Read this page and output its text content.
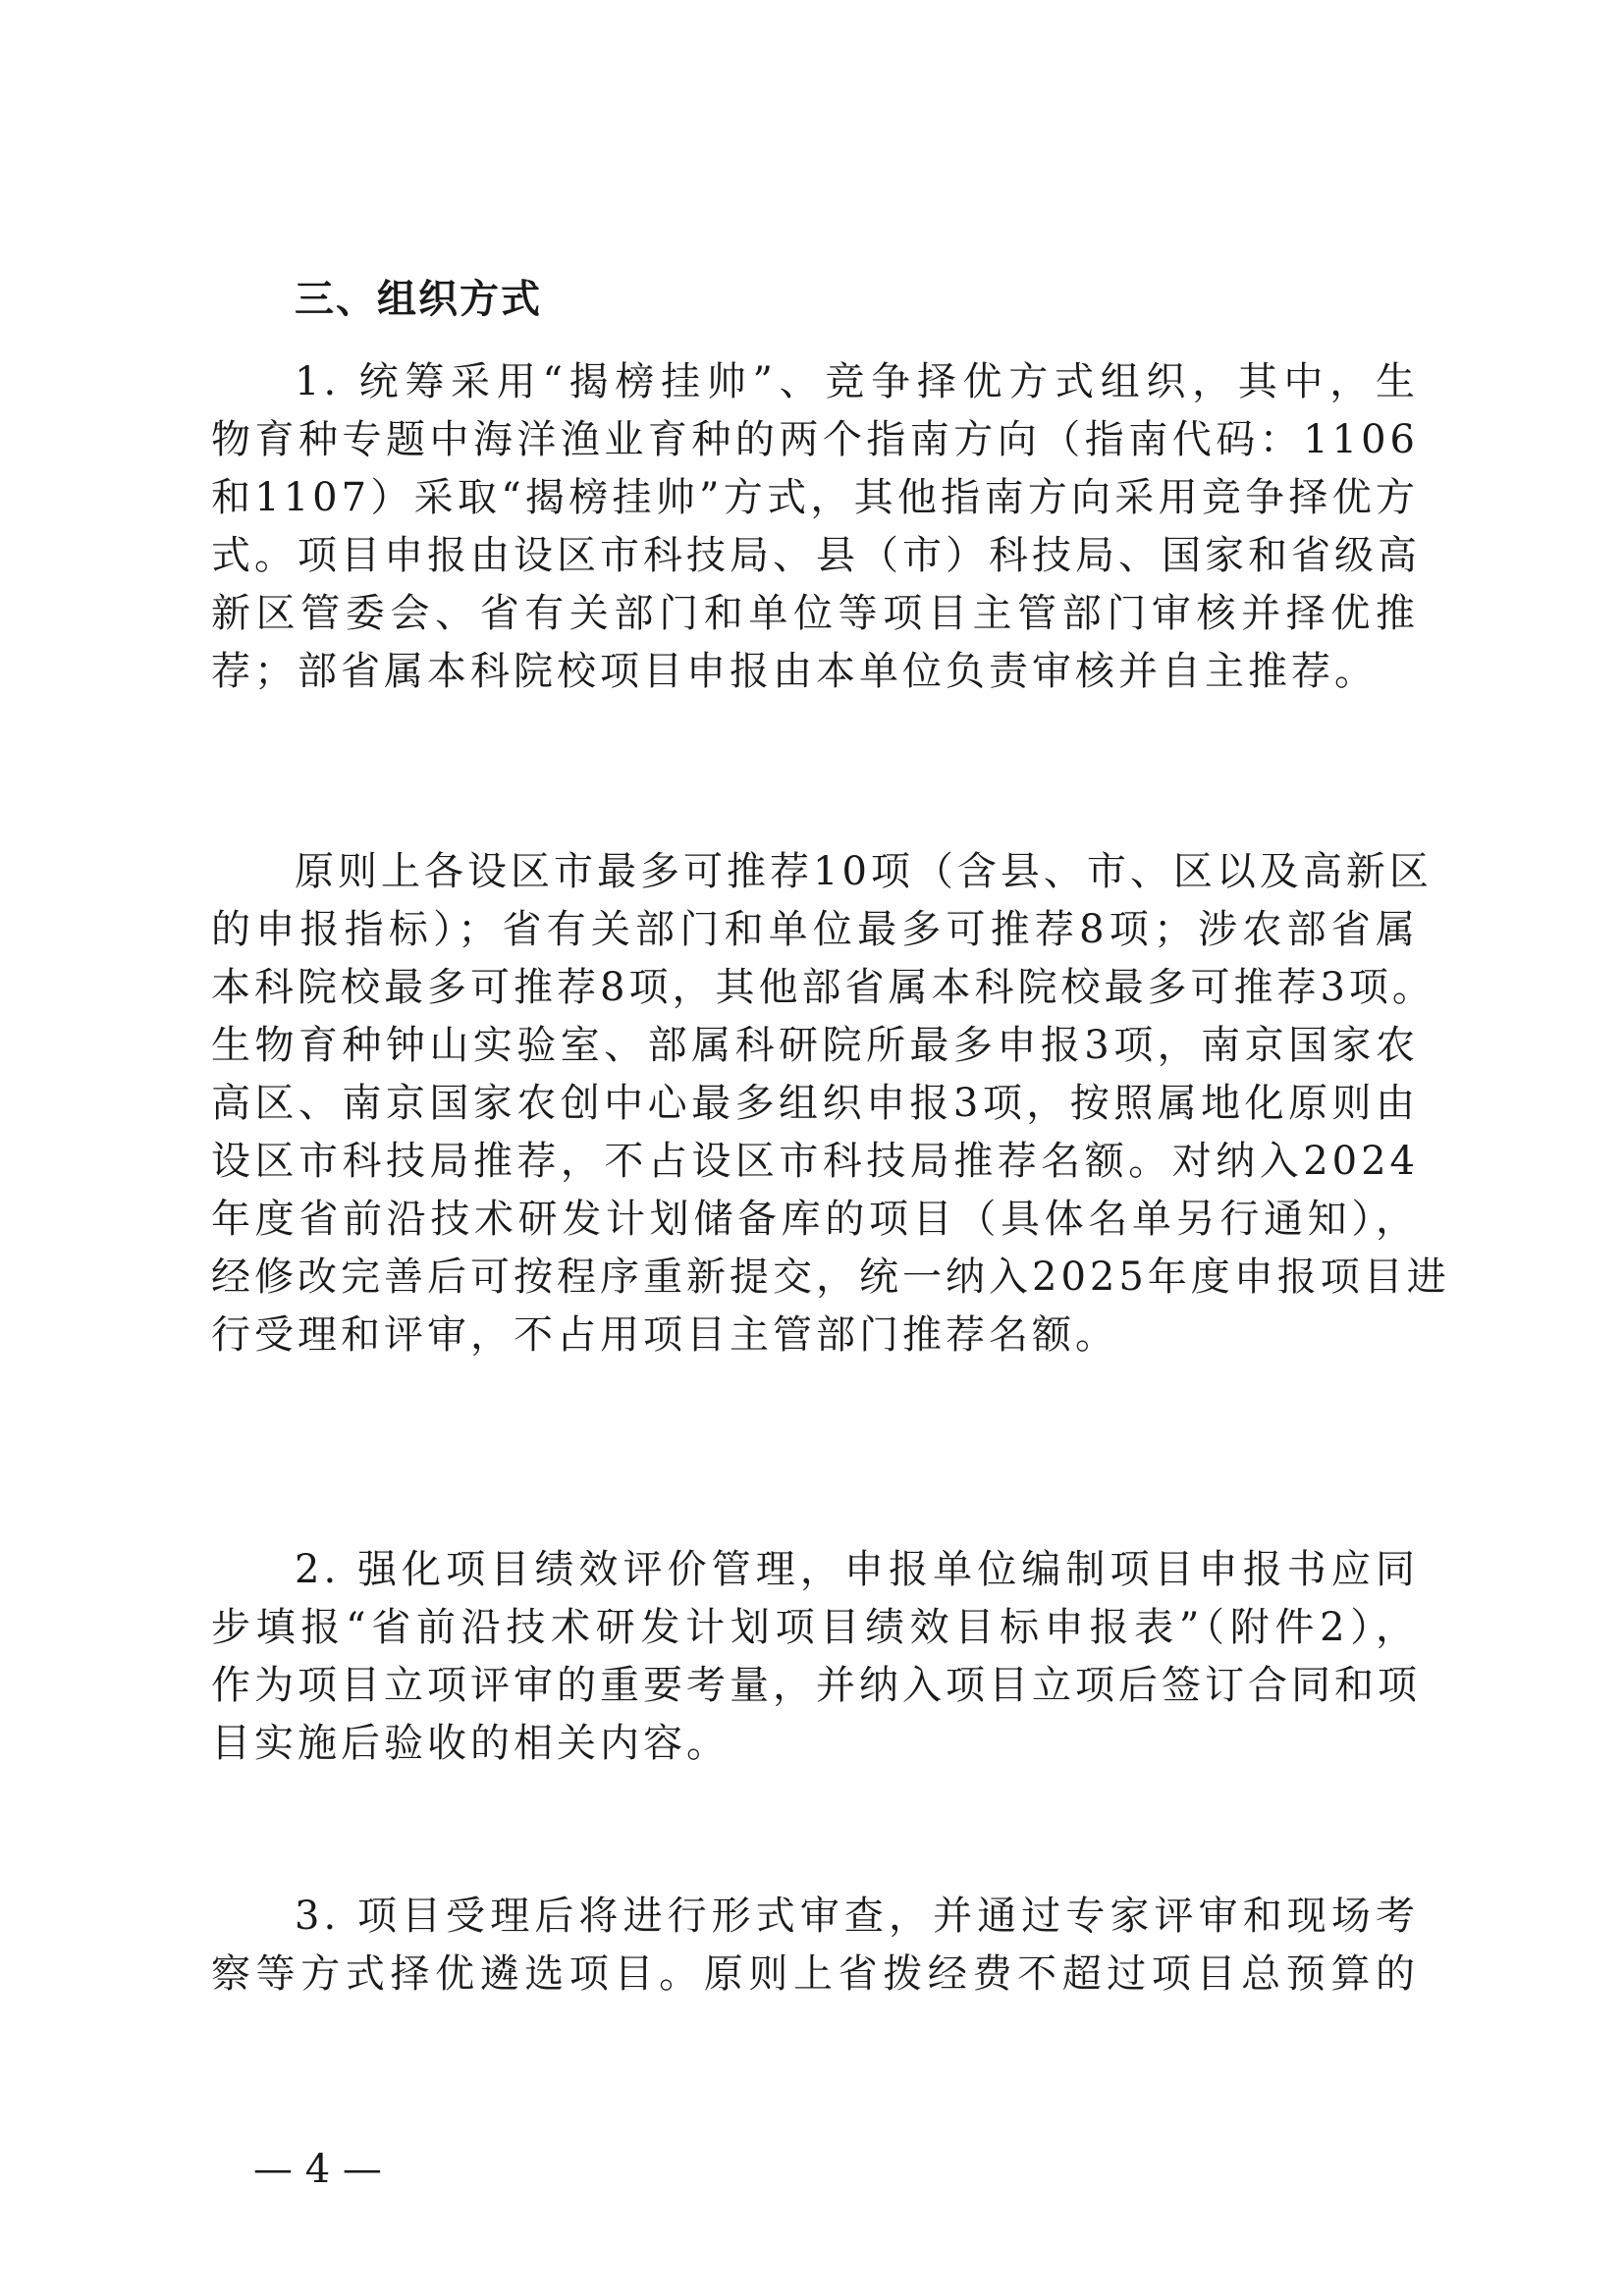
三、组织方式
1. 统筹采用“揭榜挂帅”、竞争择优方式组织，其中，生
物育种专题中海洋渔业育种的两个指南方向（指南代码：1106
和1107）采取“揭榜挂帅”方式，其他指南方向采用竞争择优方
式。项目申报由设区市科技局、县（市）科技局、国家和省级高
新区管委会、省有关部门和单位等项目主管部门审核并择优推
荐；部省属本科院校项目申报由本单位负责审核并自主推荐。
原则上各设区市最多可推荐10项（含县、市、区以及高新区
的申报指标）；省有关部门和单位最多可推荐8项；涉农部省属
本科院校最多可推荐8项，其他部省属本科院校最多可推荐3项。
生物育种钟山实验室、部属科研院所最多申报3项，南京国家农
高区、南京国家农创中心最多组织申报3项，按照属地化原则由
设区市科技局推荐，不占设区市科技局推荐名额。对纳入2024
年度省前沿技术研发计划储备库的项目（具体名单另行通知），
经修改完善后可按程序重新提交，统一纳入2025年度申报项目进
行受理和评审，不占用项目主管部门推荐名额。
2. 强化项目绩效评价管理，申报单位编制项目申报书应同
步填报“省前沿技术研发计划项目绩效目标申报表”（附件2），
作为项目立项评审的重要考量，并纳入项目立项后签订合同和项
目实施后验收的相关内容。
3. 项目受理后将进行形式审查，并通过专家评审和现场考
察等方式择优遴选项目。原则上省拨经费不超过项目总预算的
— 4 —
